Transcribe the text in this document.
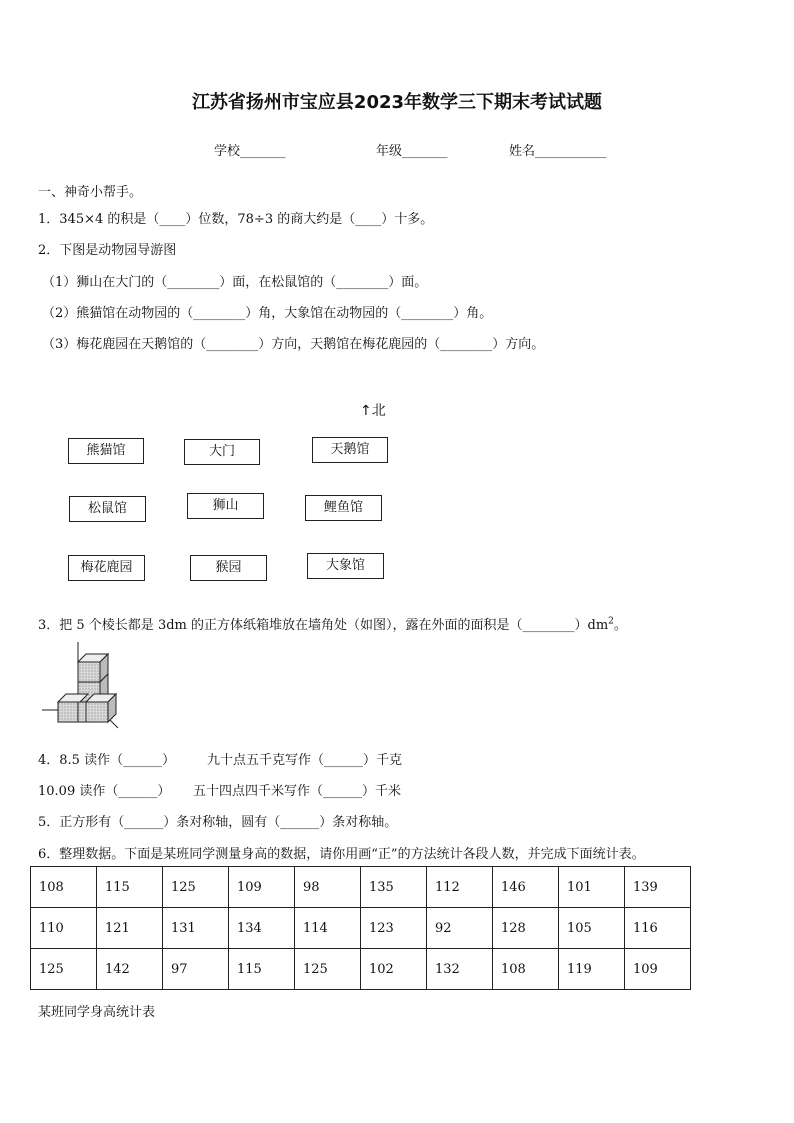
江苏省扬州市宝应县2023年数学三下期末考试试题
学校_______	年级_______	姓名___________
一、神奇小帮手。
1．345×4 的积是（____）位数，78÷3 的商大约是（____）十多。
2．下图是动物园导游图
（1）狮山在大门的（________）面，在松鼠馆的（________）面。
（2）熊猫馆在动物园的（________）角，大象馆在动物园的（________）角。
（3）梅花鹿园在天鹅馆的（________）方向，天鹅馆在梅花鹿园的（________）方向。
↑北
熊猫馆	大门	天鹅馆
松鼠馆	狮山	鲤鱼馆
梅花鹿园	猴园	大象馆
3．把 5 个棱长都是 3dm 的正方体纸箱堆放在墙角处（如图），露在外面的面积是$(\_\_\_\_\_\_\_\_)dm^2$。
4．8.5 读作（______） 九十点五千克写作（______）千克
10.09 读作（______） 五十四点四千米写作（______）千米
5．正方形有（______）条对称轴，圆有（______）条对称轴。
6．整理数据。下面是某班同学测量身高的数据，请你用画“正”的方法统计各段人数，并完成下面统计表。
108	115	125	109	98	135	112	146	101	139
110	121	131	134	114	123	92	128	105	116
125	142	97	115	125	102	132	108	119	109
某班同学身高统计表
